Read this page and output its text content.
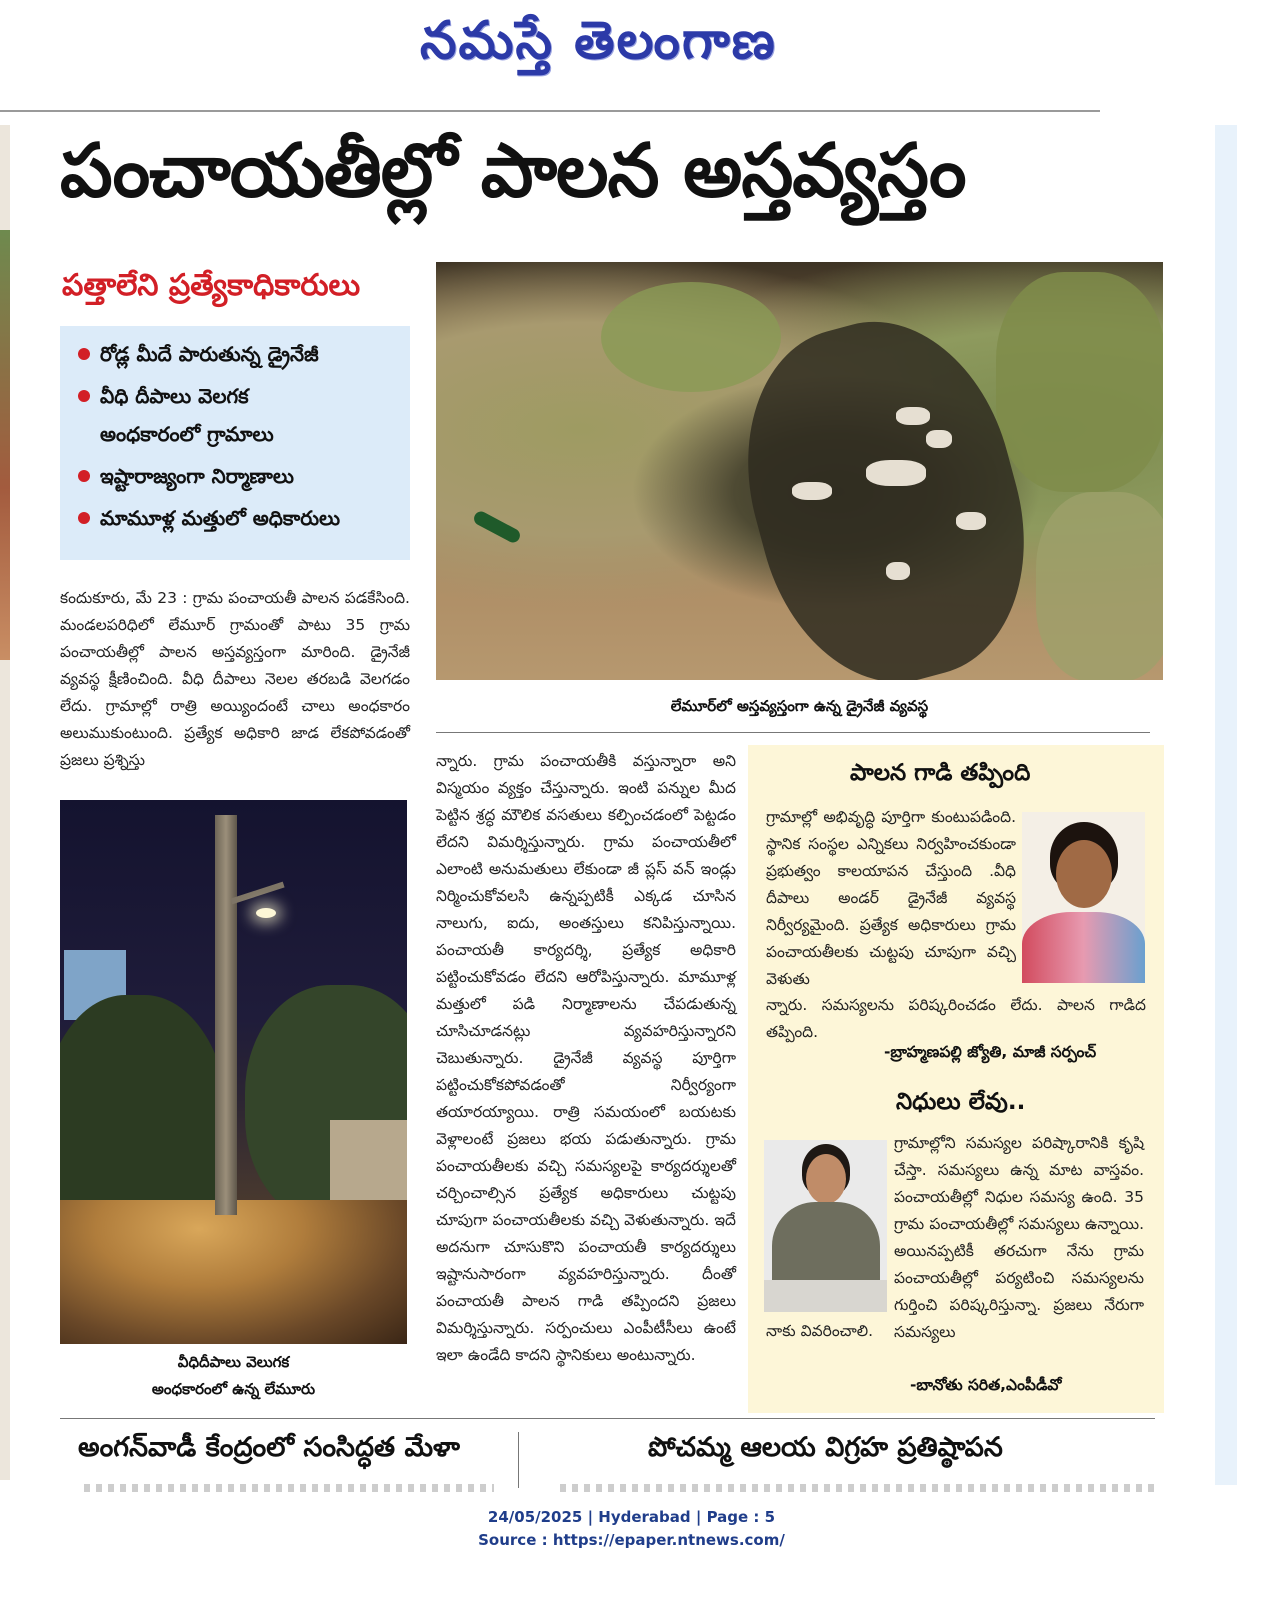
నమస్తే తెలంగాణ
పంచాయతీల్లో పాలన అస్తవ్యస్తం
పత్తాలేని ప్రత్యేకాధికారులు
రోడ్ల మీదే పారుతున్న డ్రైనేజీ
వీధి దీపాలు వెలగక
అంధకారంలో గ్రామాలు
ఇష్టారాజ్యంగా నిర్మాణాలు
మామూళ్ల మత్తులో అధికారులు

కందుకూరు, మే 23 : గ్రామ పంచాయతీ పాలన పడకేసింది. మండలపరిధిలో లేమూర్ గ్రామంతో పాటు 35 గ్రామ పంచాయతీల్లో పాలన అస్తవ్యస్తంగా మారింది. డ్రైనేజీ వ్యవస్థ క్షీణించింది. వీధి దీపాలు నెలల తరబడి వెలగడం లేదు. గ్రామాల్లో రాత్రి అయ్యిందంటే చాలు అంధకారం అలుముకుంటుంది. ప్రత్యేక అధికారి జాడ లేకపోవడంతో ప్రజలు ప్రశ్నిస్తు

లేమూర్‌లో అస్తవ్యస్తంగా ఉన్న డ్రైనేజీ వ్యవస్థ
వీధిదీపాలు వెలుగక
అంధకారంలో ఉన్న లేమూరు

న్నారు. గ్రామ పంచాయతీకి వస్తున్నారా అని విస్మయం వ్యక్తం చేస్తున్నారు. ఇంటి పన్నుల మీద పెట్టిన శ్రద్ధ మౌలిక వసతులు కల్పించడంలో పెట్టడం లేదని విమర్శిస్తున్నారు. గ్రామ పంచాయతీలో ఎలాంటి అనుమతులు లేకుండా జీ ప్లస్ వన్ ఇండ్లు నిర్మించుకోవలసి ఉన్నప్పటికీ ఎక్కడ చూసిన నాలుగు, ఐదు, అంతస్తులు కనిపిస్తున్నాయి. పంచాయతీ కార్యదర్శి, ప్రత్యేక అధికారి పట్టించుకోవడం లేదని ఆరోపిస్తున్నారు. మామూళ్ల మత్తులో పడి నిర్మాణాలను చేపడుతున్న చూసిచూడనట్లు వ్యవహరిస్తున్నారని చెబుతున్నారు. డ్రైనేజీ వ్యవస్థ పూర్తిగా పట్టించుకోకపోవడంతో నిర్వీర్యంగా తయారయ్యాయి. రాత్రి సమయంలో బయటకు వెళ్లాలంటే ప్రజలు భయ పడుతున్నారు. గ్రామ పంచాయతీలకు వచ్చి సమస్యలపై కార్యదర్శులతో చర్చించాల్సిన ప్రత్యేక అధికారులు చుట్టపు చూపుగా పంచాయతీలకు వచ్చి వెళుతున్నారు. ఇదే అదనుగా చూసుకొని పంచాయతీ కార్యదర్శులు ఇష్టానుసారంగా వ్యవహరిస్తున్నారు. దీంతో పంచాయతీ పాలన గాడి తప్పిందని ప్రజలు విమర్శిస్తున్నారు. సర్పంచులు ఎంపీటీసీలు ఉంటే ఇలా ఉండేది కాదని స్థానికులు అంటున్నారు.

పాలన గాడి తప్పింది

గ్రామాల్లో అభివృద్ధి పూర్తిగా కుంటుపడింది. స్థానిక సంస్థల ఎన్నికలు నిర్వహించకుండా ప్రభుత్వం కాలయాపన చేస్తుంది .వీధి దీపాలు అండర్ డ్రైనేజీ వ్యవస్థ నిర్వీర్యమైంది. ప్రత్యేక అధికారులు గ్రామ పంచాయతీలకు చుట్టపు చూపుగా వచ్చి వెళుతు

న్నారు. సమస్యలను పరిష్కరించడం లేదు. పాలన గాడిద తప్పింది.

-బ్రాహ్మణపల్లి జ్యోతి, మాజీ సర్పంచ్
నిధులు లేవు..

గ్రామాల్లోని సమస్యల పరిష్కారానికి కృషి చేస్తా. సమస్యలు ఉన్న మాట వాస్తవం. పంచాయతీల్లో నిధుల సమస్య ఉంది. 35 గ్రామ పంచాయతీల్లో సమస్యలు ఉన్నాయి. అయినప్పటికీ తరచుగా నేను గ్రామ పంచాయతీల్లో పర్యటించి సమస్యలను గుర్తించి పరిష్కరిస్తున్నా. ప్రజలు నేరుగా సమస్యలు

నాకు వివరించాలి.

-బానోతు సరిత,ఎంపీడీవో
అంగన్‌వాడీ కేంద్రంలో సంసిద్ధత మేళా	పోచమ్మ ఆలయ విగ్రహ ప్రతిష్ఠాపన
24/05/2025 | Hyderabad | Page : 5
Source : https://epaper.ntnews.com/
